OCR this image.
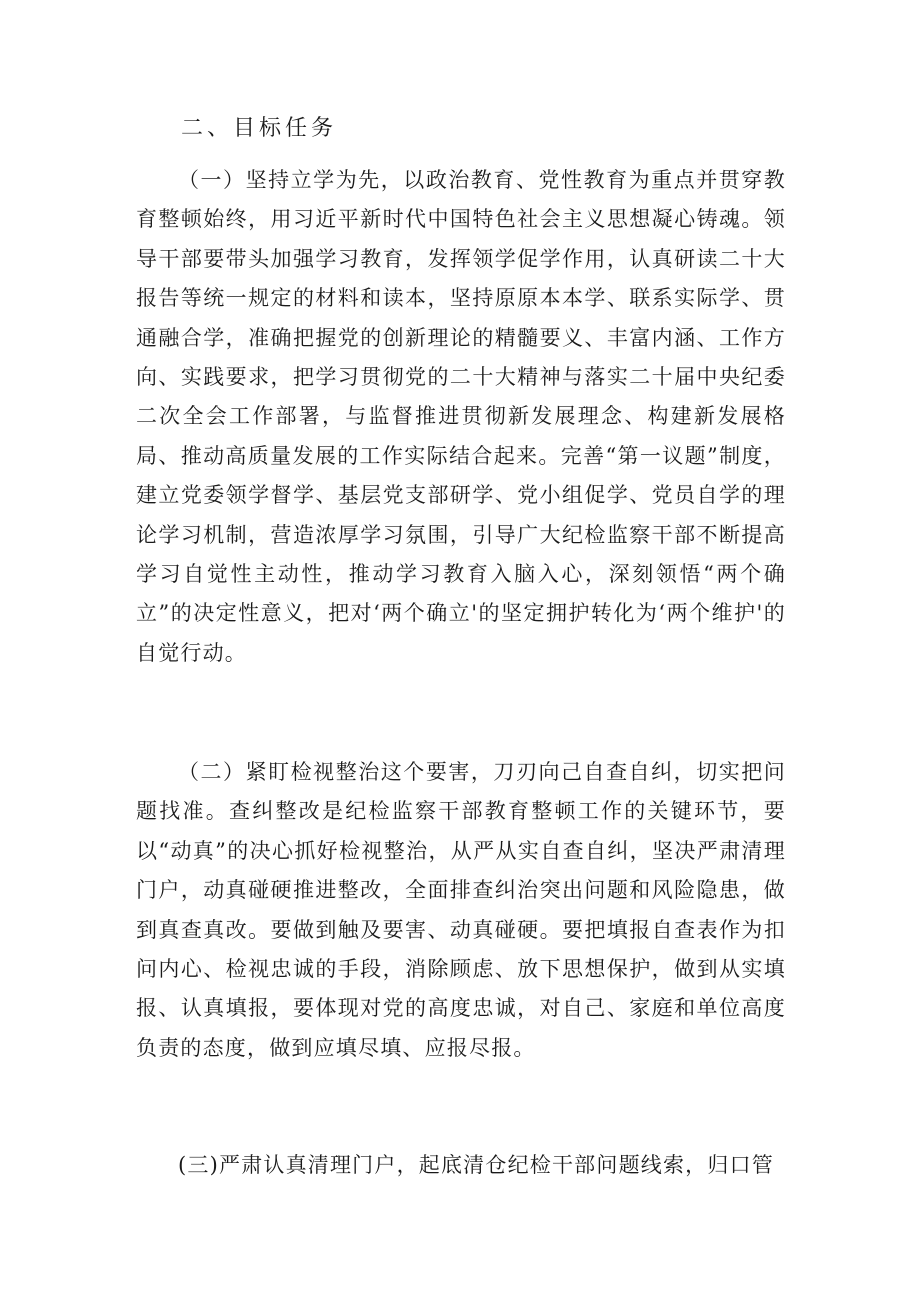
二、目标任务

（一）坚持立学为先，以政治教育、党性教育为重点并贯穿教育整顿始终，用习近平新时代中国特色社会主义思想凝心铸魂。领导干部要带头加强学习教育，发挥领学促学作用，认真研读二十大报告等统一规定的材料和读本，坚持原原本本学、联系实际学、贯通融合学，准确把握党的创新理论的精髓要义、丰富内涵、工作方向、实践要求，把学习贯彻党的二十大精神与落实二十届中央纪委二次全会工作部署，与监督推进贯彻新发展理念、构建新发展格局、推动高质量发展的工作实际结合起来。完善“第一议题”制度，建立党委领学督学、基层党支部研学、党小组促学、党员自学的理论学习机制，营造浓厚学习氛围，引导广大纪检监察干部不断提高学习自觉性主动性，推动学习教育入脑入心，深刻领悟“两个确立”的决定性意义，把对‘两个确立'的坚定拥护转化为‘两个维护'的自觉行动。

（二）紧盯检视整治这个要害，刀刃向己自查自纠，切实把问题找准。查纠整改是纪检监察干部教育整顿工作的关键环节，要以“动真”的决心抓好检视整治，从严从实自查自纠，坚决严肃清理门户，动真碰硬推进整改，全面排查纠治突出问题和风险隐患，做到真查真改。要做到触及要害、动真碰硬。要把填报自查表作为扣问内心、检视忠诚的手段，消除顾虑、放下思想保护，做到从实填报、认真填报，要体现对党的高度忠诚，对自己、家庭和单位高度负责的态度，做到应填尽填、应报尽报。

(三)严肃认真清理门户，起底清仓纪检干部问题线索，归口管
